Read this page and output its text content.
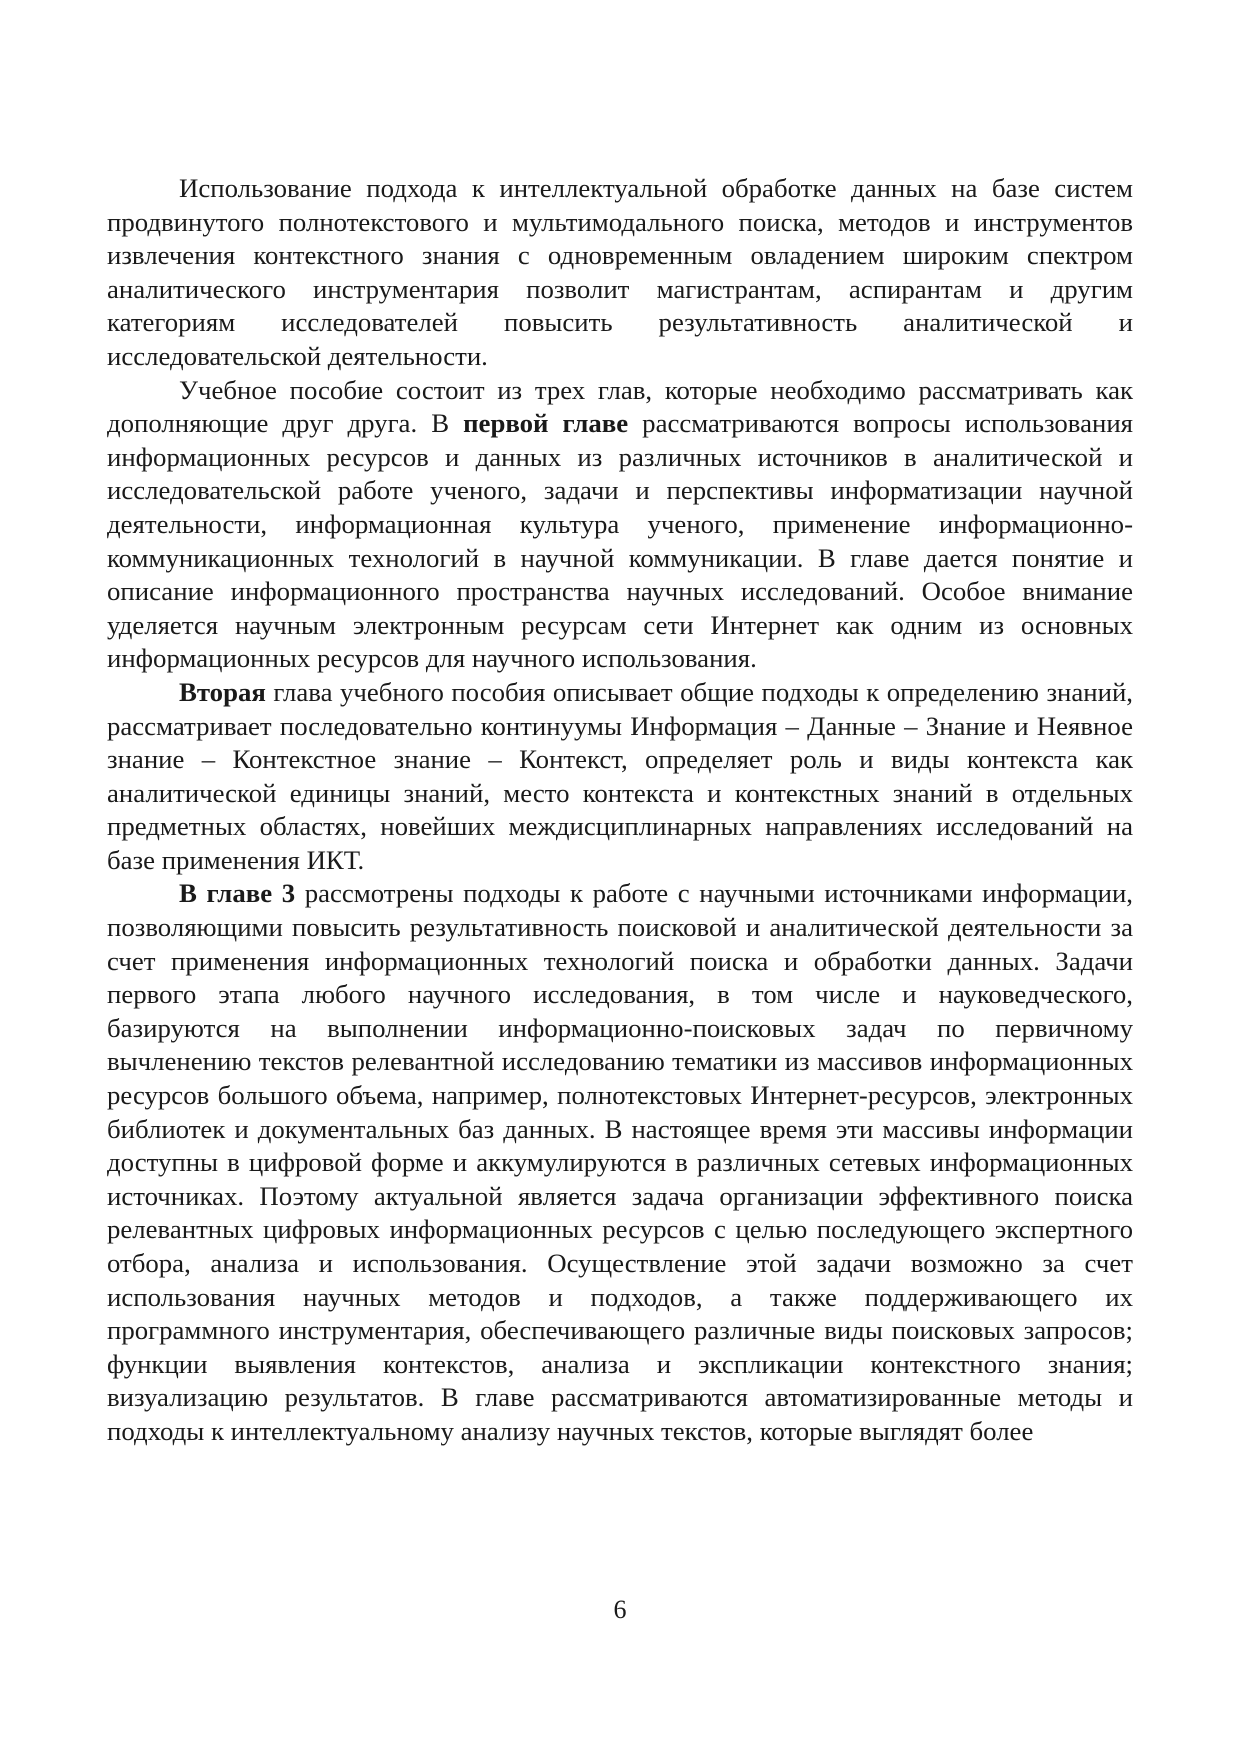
Использование подхода к интеллектуальной обработке данных на базе систем продвинутого полнотекстового и мультимодального поиска, методов и инструментов извлечения контекстного знания с одновременным овладением широким спектром аналитического инструментария позволит магистрантам, аспирантам и другим категориям исследователей повысить результативность аналитической и исследовательской деятельности.

Учебное пособие состоит из трех глав, которые необходимо рассматривать как дополняющие друг друга. В первой главе рассматриваются вопросы использования информационных ресурсов и данных из различных источников в аналитической и исследовательской работе ученого, задачи и перспективы информатизации научной деятельности, информационная культура ученого, применение информационно-коммуникационных технологий в научной коммуникации. В главе дается понятие и описание информационного пространства научных исследований. Особое внимание уделяется научным электронным ресурсам сети Интернет как одним из основных информационных ресурсов для научного использования.

Вторая глава учебного пособия описывает общие подходы к определению знаний, рассматривает последовательно континуумы Информация – Данные – Знание и Неявное знание – Контекстное знание – Контекст, определяет роль и виды контекста как аналитической единицы знаний, место контекста и контекстных знаний в отдельных предметных областях, новейших междисциплинарных направлениях исследований на базе применения ИКТ.

В главе 3 рассмотрены подходы к работе с научными источниками информации, позволяющими повысить результативность поисковой и аналитической деятельности за счет применения информационных технологий поиска и обработки данных. Задачи первого этапа любого научного исследования, в том числе и науковедческого, базируются на выполнении информационно-поисковых задач по первичному вычленению текстов релевантной исследованию тематики из массивов информационных ресурсов большого объема, например, полнотекстовых Интернет-ресурсов, электронных библиотек и документальных баз данных. В настоящее время эти массивы информации доступны в цифровой форме и аккумулируются в различных сетевых информационных источниках. Поэтому актуальной является задача организации эффективного поиска релевантных цифровых информационных ресурсов с целью последующего экспертного отбора, анализа и использования. Осуществление этой задачи возможно за счет использования научных методов и подходов, а также поддерживающего их программного инструментария, обеспечивающего различные виды поисковых запросов; функции выявления контекстов, анализа и экспликации контекстного знания; визуализацию результатов. В главе рассматриваются автоматизированные методы и подходы к интеллектуальному анализу научных текстов, которые выглядят более

6
